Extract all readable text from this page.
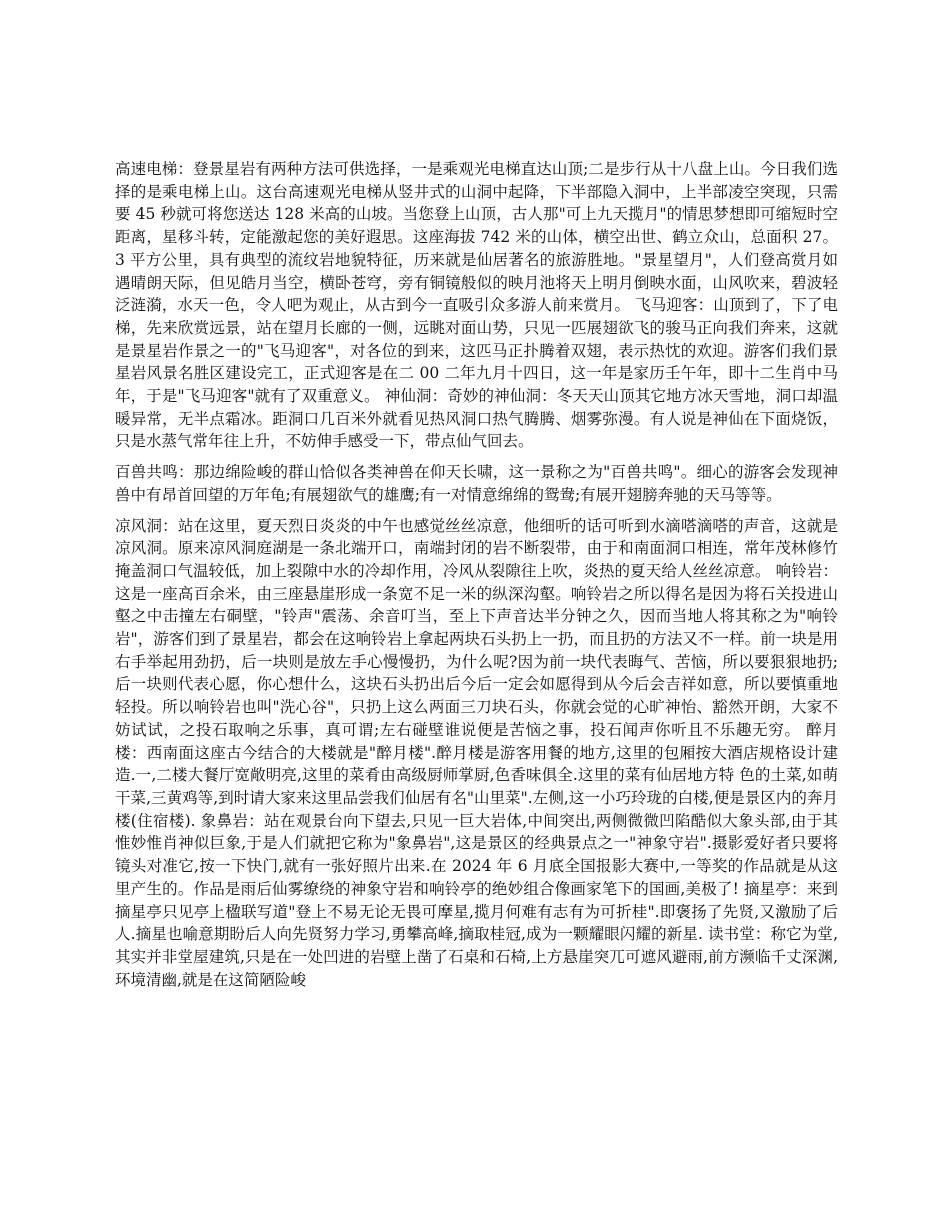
高速电梯：登景星岩有两种方法可供选择，一是乘观光电梯直达山顶;二是步行从十八盘上山。今日我们选择的是乘电梯上山。这台高速观光电梯从竖井式的山洞中起降，下半部隐入洞中，上半部凌空突现，只需要 45 秒就可将您送达 128 米高的山坡。当您登上山顶，古人那"可上九天揽月"的情思梦想即可缩短时空距离，星移斗转，定能激起您的美好遐思。这座海拔 742 米的山体，横空出世、鹤立众山，总面积 27。3 平方公里，具有典型的流纹岩地貌特征，历来就是仙居著名的旅游胜地。"景星望月"，人们登高赏月如遇晴朗天际，但见皓月当空，横卧苍穹，旁有铜镜般似的映月池将天上明月倒映水面，山风吹来，碧波轻泛涟漪，水天一色，令人吧为观止，从古到今一直吸引众多游人前来赏月。 飞马迎客：山顶到了，下了电梯，先来欣赏远景，站在望月长廊的一侧，远眺对面山势，只见一匹展翅欲飞的骏马正向我们奔来，这就是景星岩作景之一的"飞马迎客"，对各位的到来，这匹马正扑腾着双翅，表示热忱的欢迎。游客们我们景星岩风景名胜区建设完工，正式迎客是在二 00 二年九月十四日，这一年是家历壬午年，即十二生肖中马年，于是"飞马迎客"就有了双重意义。 神仙洞：奇妙的神仙洞：冬天天山顶其它地方冰天雪地，洞口却温暖异常，无半点霜冰。距洞口几百米外就看见热风洞口热气腾腾、烟雾弥漫。有人说是神仙在下面烧饭，只是水蒸气常年往上升，不妨伸手感受一下，带点仙气回去。

百兽共鸣：那边绵险峻的群山恰似各类神兽在仰天长啸，这一景称之为"百兽共鸣"。细心的游客会发现神兽中有昂首回望的万年龟;有展翅欲气的雄鹰;有一对情意绵绵的鸳鸯;有展开翅膀奔驰的天马等等。

凉风洞：站在这里，夏天烈日炎炎的中午也感觉丝丝凉意，他细听的话可听到水滴嗒滴嗒的声音，这就是凉风洞。原来凉风洞庭湖是一条北端开口，南端封闭的岩不断裂带，由于和南面洞口相连，常年茂林修竹掩盖洞口气温较低，加上裂隙中水的冷却作用，冷风从裂隙往上吹，炎热的夏天给人丝丝凉意。 响铃岩：这是一座高百余米，由三座悬崖形成一条宽不足一米的纵深沟壑。响铃岩之所以得名是因为将石关投进山壑之中击撞左右硐壁，"铃声"震荡、余音叮当，至上下声音达半分钟之久，因而当地人将其称之为"响铃岩"，游客们到了景星岩，都会在这响铃岩上拿起两块石头扔上一扔，而且扔的方法又不一样。前一块是用右手举起用劲扔，后一块则是放左手心慢慢扔，为什么呢?因为前一块代表晦气、苦恼，所以要狠狠地扔;后一块则代表心愿，你心想什么，这块石头扔出后今后一定会如愿得到从今后会吉祥如意，所以要慎重地轻投。所以响铃岩也叫"洗心谷"，只扔上这么两面三刀块石头，你就会觉的心旷神怡、豁然开朗，大家不妨试试，之投石取响之乐事，真可谓;左右碰壁谁说便是苦恼之事，投石闻声你听且不乐趣无穷。 醉月楼：西南面这座古今结合的大楼就是"醉月楼".醉月楼是游客用餐的地方,这里的包厢按大酒店规格设计建造.一,二楼大餐厅宽敞明亮,这里的菜肴由高级厨师掌厨,色香味俱全.这里的菜有仙居地方特 色的土菜,如萌干菜,三黄鸡等,到时请大家来这里品尝我们仙居有名"山里菜".左侧,这一小巧玲珑的白楼,便是景区内的奔月楼(住宿楼). 象鼻岩：站在观景台向下望去,只见一巨大岩体,中间突出,两侧微微凹陷酷似大象头部,由于其惟妙惟肖神似巨象,于是人们就把它称为"象鼻岩",这是景区的经典景点之一"神象守岩".摄影爱好者只要将镜头对准它,按一下快门,就有一张好照片出来.在 2024 年 6 月底全国报影大赛中,一等奖的作品就是从这里产生的。作品是雨后仙雾缭绕的神象守岩和响铃亭的绝妙组合像画家笔下的国画,美极了! 摘星亭：来到摘星亭只见亭上楹联写道"登上不易无论无畏可摩星,揽月何难有志有为可折桂".即褒扬了先贤,又激励了后人.摘星也喻意期盼后人向先贤努力学习,勇攀高峰,摘取桂冠,成为一颗耀眼闪耀的新星. 读书堂：称它为堂,其实并非堂屋建筑,只是在一处凹进的岩壁上凿了石桌和石椅,上方悬崖突兀可遮风避雨,前方濒临千丈深渊,环境清幽,就是在这简陋险峻
